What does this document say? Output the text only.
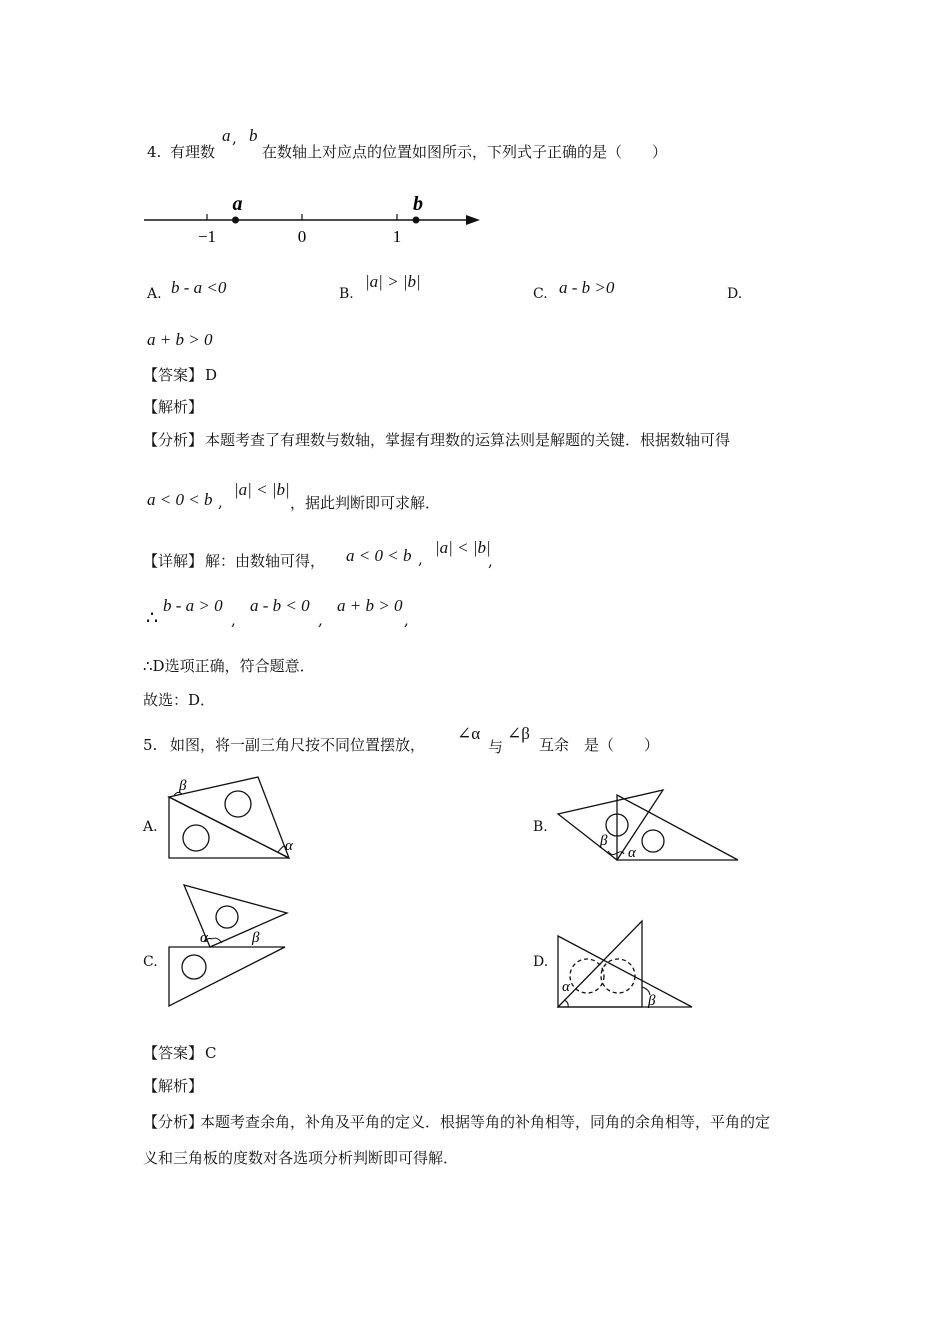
4. 有理数
a , b
在数轴上对应点的位置如图所示，下列式子正确的是（　　）
−1	0	1
a	b
A. b - a <0	B.
|a| > |b|
C. a - b >0	D.
a + b > 0
【答案】 D
【解析】
【分析】 本题考查了有理数与数轴，掌握有理数的运算法则是解题的关键．根据数轴可得
a < 0 < b ,
|a| < |b|
，据此判断即可求解．
【详解】 解：由数轴可得， a < 0 < b ,
|a| < |b|
,
∴
b - a > 0
,
a - b < 0
,
a + b > 0
,
∴D选项正确，符合题意．
故选：D．
5. 如图，将一副三角尺按不同位置摆放，
∠α
与
∠β
互余　是（　　）
A.
β
α
B.
β
α
C.
α	β
D.
α
β
【答案】 C
【解析】
【分析】
本题考查余角，补角及平角的定义．根据等角的补角相等，同角的余角相等，平角的定
义和三角板的度数对各选项分析判断即可得解．
